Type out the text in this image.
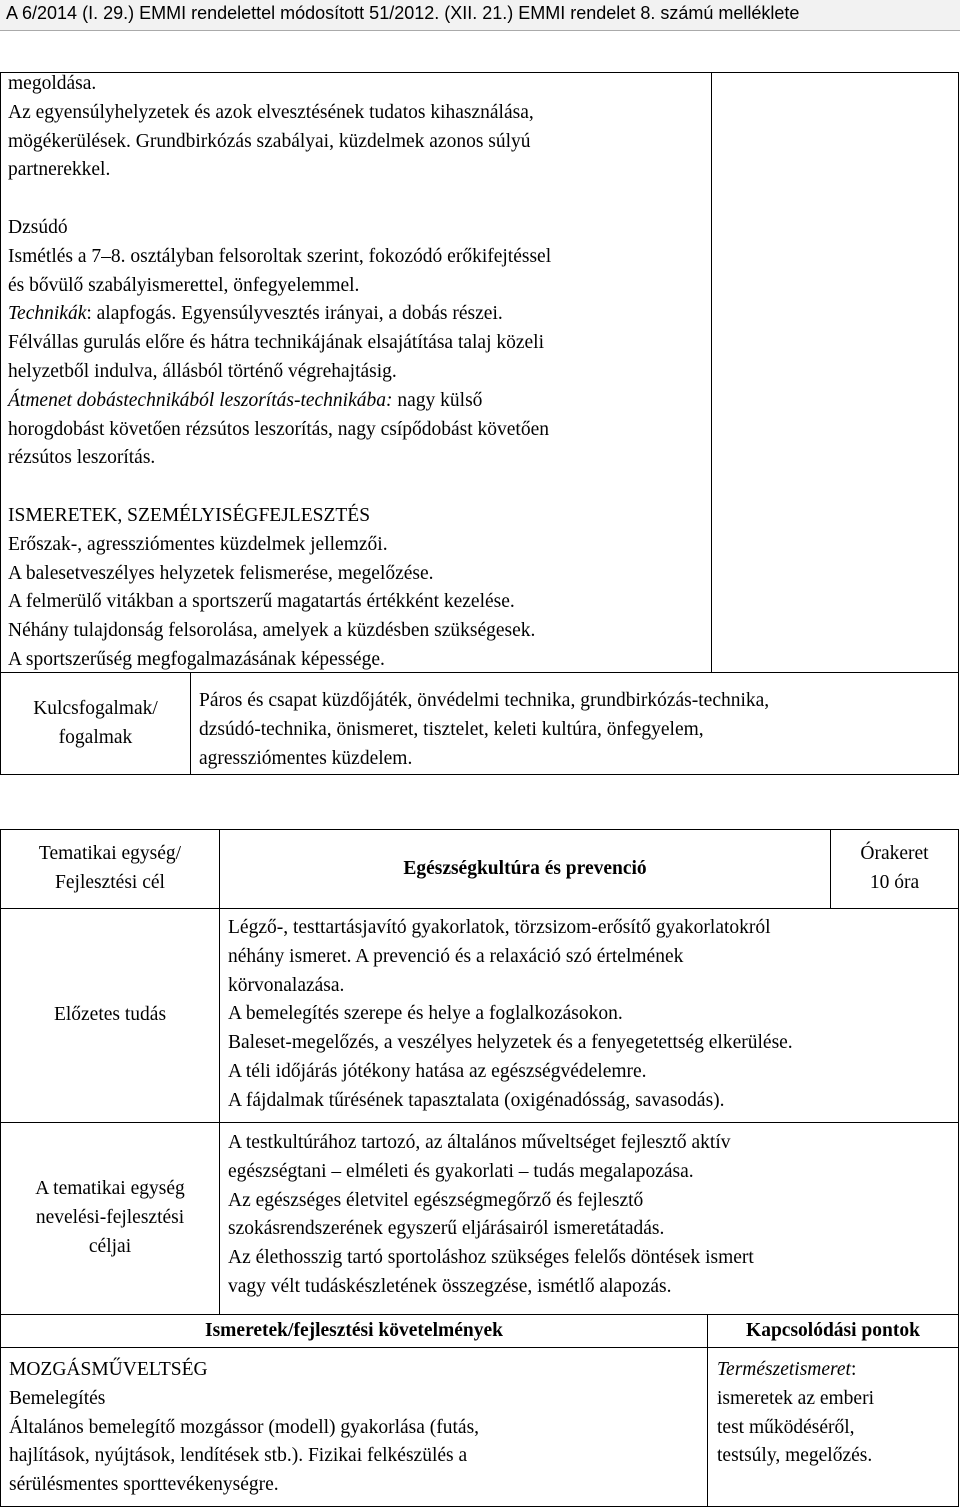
A 6/2014 (I. 29.) EMMI rendelettel módosított 51/2012. (XII. 21.) EMMI rendelet 8. számú melléklete
megoldása.
Az egyensúlyhelyzetek és azok elvesztésének tudatos kihasználása,
mögékerülések. Grundbirkózás szabályai, küzdelmek azonos súlyú
partnerekkel.
Dzsúdó
Ismétlés a 7–8. osztályban felsoroltak szerint, fokozódó erőkifejtéssel
és bővülő szabályismerettel, önfegyelemmel.
Technikák: alapfogás. Egyensúlyvesztés irányai, a dobás részei.
Félvállas gurulás előre és hátra technikájának elsajátítása talaj közeli
helyzetből indulva, állásból történő végrehajtásig.
Átmenet dobástechnikából leszorítás-technikába: nagy külső
horogdobást követően rézsútos leszorítás, nagy csípődobást követően
rézsútos leszorítás.
ISMERETEK, SZEMÉLYISÉGFEJLESZTÉS
Erőszak-, agressziómentes küzdelmek jellemzői.
A balesetveszélyes helyzetek felismerése, megelőzése.
A felmerülő vitákban a sportszerű magatartás értékként kezelése.
Néhány tulajdonság felsorolása, amelyek a küzdésben szükségesek.
A sportszerűség megfogalmazásának képessége.
Kulcsfogalmak/
fogalmak
Páros és csapat küzdőjáték, önvédelmi technika, grundbirkózás-technika,
dzsúdó-technika, önismeret, tisztelet, keleti kultúra, önfegyelem,
agressziómentes küzdelem.
Tematikai egység/
Fejlesztési cél
Egészségkultúra és prevenció
Órakeret
10 óra
Előzetes tudás
Légző-, testtartásjavító gyakorlatok, törzsizom-erősítő gyakorlatokról
néhány ismeret. A prevenció és a relaxáció szó értelmének
körvonalazása.
A bemelegítés szerepe és helye a foglalkozásokon.
Baleset-megelőzés, a veszélyes helyzetek és a fenyegetettség elkerülése.
A téli időjárás jótékony hatása az egészségvédelemre.
A fájdalmak tűrésének tapasztalata (oxigénadósság, savasodás).
A tematikai egység
nevelési-fejlesztési
céljai
A testkultúrához tartozó, az általános műveltséget fejlesztő aktív
egészségtani – elméleti és gyakorlati – tudás megalapozása.
Az egészséges életvitel egészségmegőrző és fejlesztő
szokásrendszerének egyszerű eljárásairól ismeretátadás.
Az élethosszig tartó sportoláshoz szükséges felelős döntések ismert
vagy vélt tudáskészletének összegzése, ismétlő alapozás.
Ismeretek/fejlesztési követelmények	Kapcsolódási pontok
MOZGÁSMŰVELTSÉG
Bemelegítés
Általános bemelegítő mozgássor (modell) gyakorlása (futás,
hajlítások, nyújtások, lendítések stb.). Fizikai felkészülés a
sérülésmentes sporttevékenységre.
Természetismeret:
ismeretek az emberi
test működéséről,
testsúly, megelőzés.
